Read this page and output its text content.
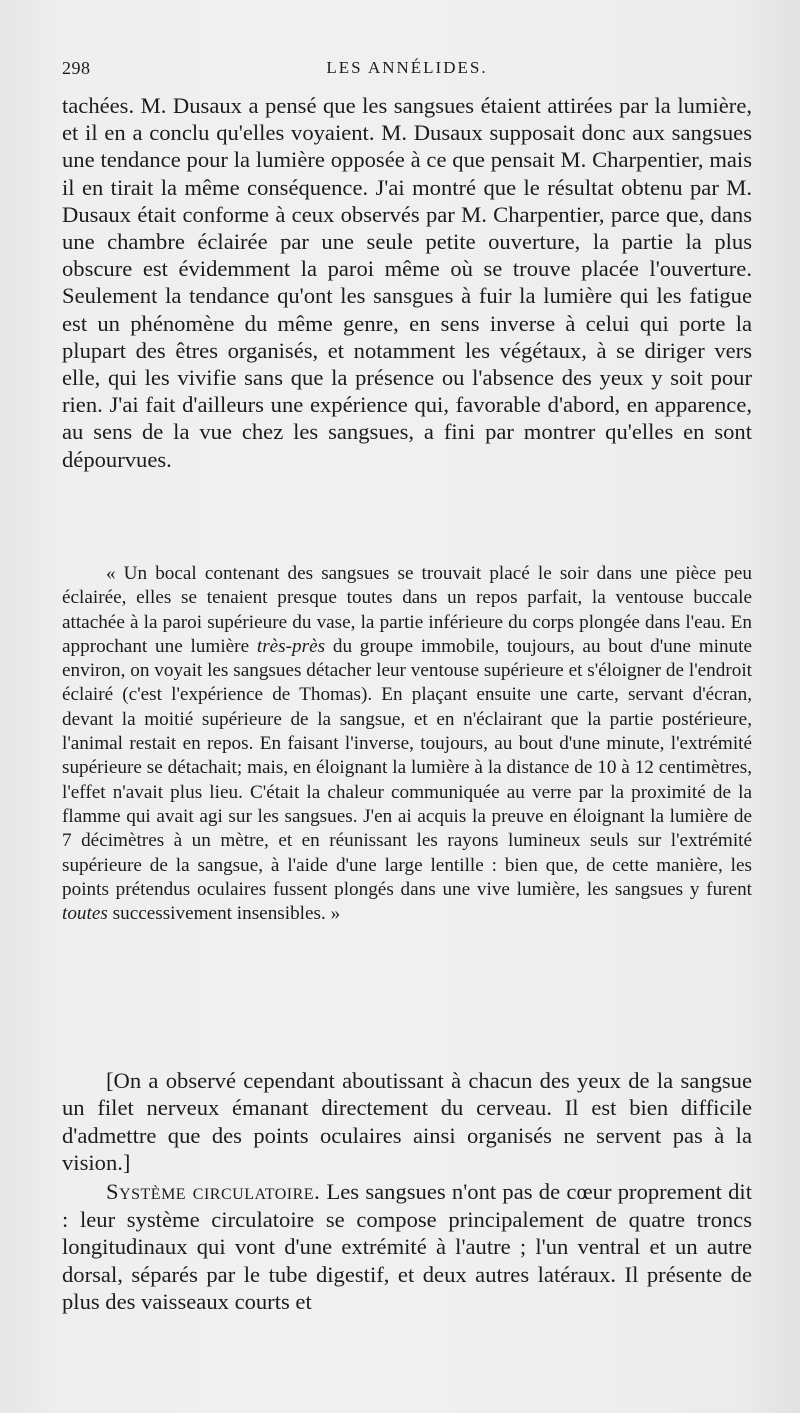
298	LES ANNÉLIDES.

tachées. M. Dusaux a pensé que les sangsues étaient attirées par la lumière, et il en a conclu qu'elles voyaient. M. Dusaux supposait donc aux sangsues une tendance pour la lumière opposée à ce que pensait M. Charpentier, mais il en tirait la même conséquence. J'ai montré que le résultat obtenu par M. Dusaux était conforme à ceux observés par M. Charpentier, parce que, dans une chambre éclairée par une seule petite ouverture, la partie la plus obscure est évidemment la paroi même où se trouve placée l'ouverture. Seulement la tendance qu'ont les sansgues à fuir la lumière qui les fatigue est un phénomène du même genre, en sens inverse à celui qui porte la plupart des êtres organisés, et notamment les végétaux, à se diriger vers elle, qui les vivifie sans que la présence ou l'absence des yeux y soit pour rien. J'ai fait d'ailleurs une expérience qui, favorable d'abord, en apparence, au sens de la vue chez les sangsues, a fini par montrer qu'elles en sont dépourvues.

« Un bocal contenant des sangsues se trouvait placé le soir dans une pièce peu éclairée, elles se tenaient presque toutes dans un repos parfait, la ventouse buccale attachée à la paroi supérieure du vase, la partie inférieure du corps plongée dans l'eau. En approchant une lumière très-près du groupe immobile, toujours, au bout d'une minute environ, on voyait les sangsues détacher leur ventouse supérieure et s'éloigner de l'endroit éclairé (c'est l'expérience de Thomas). En plaçant ensuite une carte, servant d'écran, devant la moitié supérieure de la sangsue, et en n'éclairant que la partie postérieure, l'animal restait en repos. En faisant l'inverse, toujours, au bout d'une minute, l'extrémité supérieure se détachait; mais, en éloignant la lumière à la distance de 10 à 12 centimètres, l'effet n'avait plus lieu. C'était la chaleur communiquée au verre par la proximité de la flamme qui avait agi sur les sangsues. J'en ai acquis la preuve en éloignant la lumière de 7 décimètres à un mètre, et en réunissant les rayons lumineux seuls sur l'extrémité supérieure de la sangsue, à l'aide d'une large lentille : bien que, de cette manière, les points prétendus oculaires fussent plongés dans une vive lumière, les sangsues y furent toutes successivement insensibles. »

[On a observé cependant aboutissant à chacun des yeux de la sangsue un filet nerveux émanant directement du cerveau. Il est bien difficile d'admettre que des points oculaires ainsi organisés ne servent pas à la vision.]

Système circulatoire. Les sangsues n'ont pas de cœur proprement dit : leur système circulatoire se compose principalement de quatre troncs longitudinaux qui vont d'une extrémité à l'autre ; l'un ventral et un autre dorsal, séparés par le tube digestif, et deux autres latéraux. Il présente de plus des vaisseaux courts et
